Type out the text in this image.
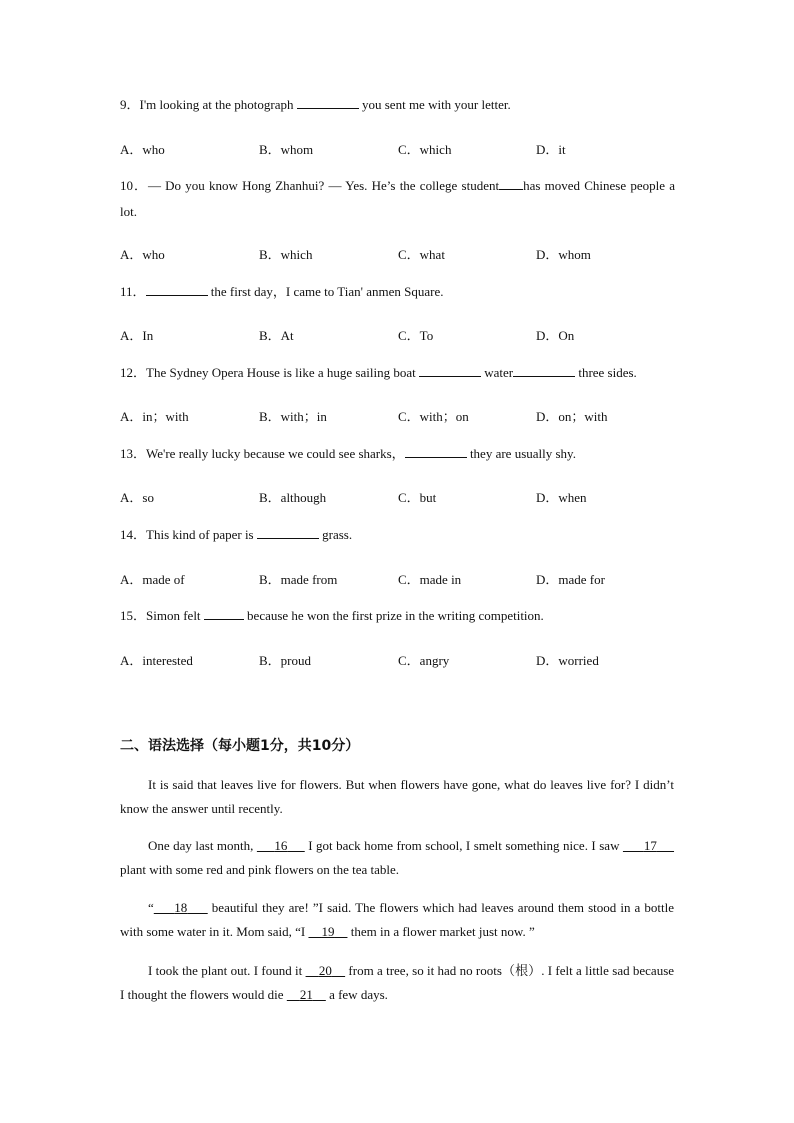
9．I'm looking at the photograph	you sent me with your letter.
A．who	B．whom	C．which	D．it
10．— Do you know Hong Zhanhui? — Yes. He’s the college student has moved Chinese people a lot.
A．who	B．which	C．what	D．whom
11．	the first day，I came to Tian' anmen Square.
A．In	B．At	C．To	D．On
12．The Sydney Opera House is like a huge sailing boat	water	three sides.
A．in；with	B．with；in	C．with；on	D．on；with
13．We're really lucky because we could see sharks，	they are usually shy.
A．so	B．although	C．but	D．when
14．This kind of paper is	grass.
A．made of	B．made from	C．made in	D．made for
15．Simon felt	because he won the first prize in the writing competition.
A．interested	B．proud	C．angry	D．worried
二、语法选择（每小题1分，共10分）
It is said that leaves live for flowers. But when flowers have gone, what do leaves live for? I didn’t know the answer until recently.
One day last month,      16      I got back home from school, I smelt something nice. I saw       17      plant with some red and pink flowers on the tea table.
“ 18      beautiful they are! ”I said. The flowers which had leaves around them stood in a bottle with some water in it. Mom said, “I     19     them in a flower market just now. ”
I took the plant out. I found it     20     from a tree, so it had no roots（根）. I felt a little sad because I thought the flowers would die     21     a few days.
